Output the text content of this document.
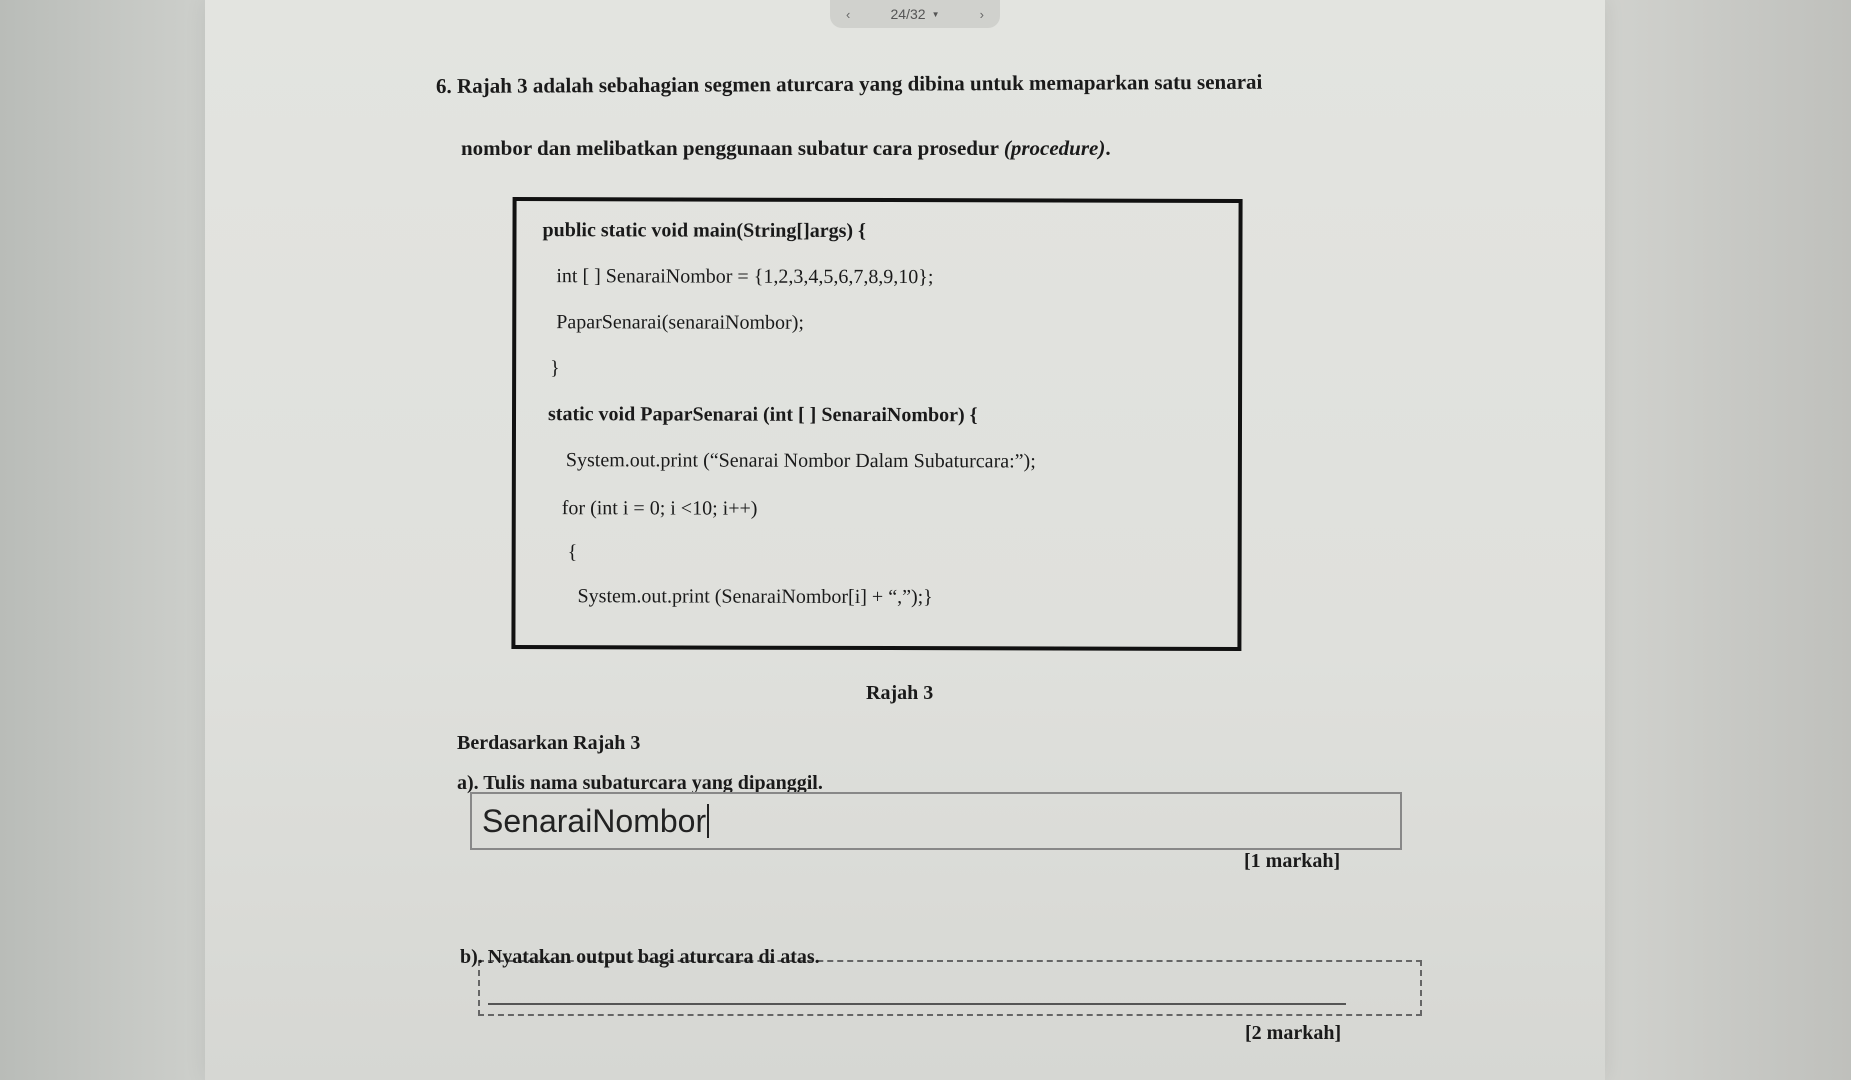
‹	24/32 ▼	›
6. Rajah 3 adalah sebahagian segmen aturcara yang dibina untuk memaparkan satu senarai
nombor dan melibatkan penggunaan subatur cara prosedur (procedure).
public static void main(String[]args) {
int [ ] SenaraiNombor = {1,2,3,4,5,6,7,8,9,10};
PaparSenarai(senaraiNombor);
}
static void PaparSenarai (int [ ] SenaraiNombor) {
System.out.print (“Senarai Nombor Dalam Subaturcara:”);
for (int i = 0; i <10; i++)
{
System.out.print (SenaraiNombor[i] + “,”);}
Rajah 3
Berdasarkan Rajah 3
a). Tulis nama subaturcara yang dipanggil.
SenaraiNombor
[1 markah]
b). Nyatakan output bagi aturcara di atas.
[2 markah]
